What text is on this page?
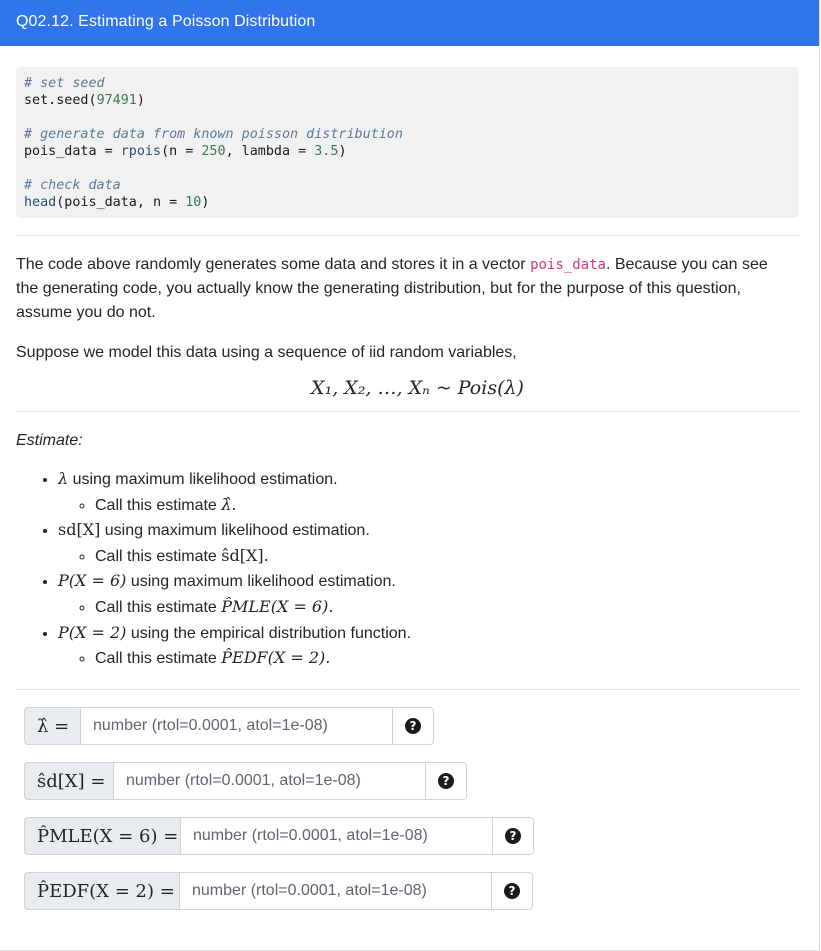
Q02.12. Estimating a Poisson Distribution
# set seed
set.seed(97491)

# generate data from known poisson distribution
pois_data = rpois(n = 250, lambda = 3.5)

# check data
head(pois_data, n = 10)

The code above randomly generates some data and stores it in a vector pois_data. Because you can see the generating code, you actually know the generating distribution, but for the purpose of this question, assume you do not.

Suppose we model this data using a sequence of iid random variables,

X₁, X₂, …, Xₙ ~ Pois(λ)

Estimate:

• λ using maximum likelihood estimation.
◦ Call this estimate λ̂.
• sd[X] using maximum likelihood estimation.
◦ Call this estimate ŝd[X].
• P(X = 6) using maximum likelihood estimation.
◦ Call this estimate P̂MLE(X = 6).
• P(X = 2) using the empirical distribution function.
◦ Call this estimate P̂EDF(X = 2).
λ̂ =
number (rtol=0.0001, atol=1e-08)	?
ŝd[X] =
number (rtol=0.0001, atol=1e-08)	?
P̂MLE(X = 6) =
number (rtol=0.0001, atol=1e-08)	?
P̂EDF(X = 2) =
number (rtol=0.0001, atol=1e-08)	?
